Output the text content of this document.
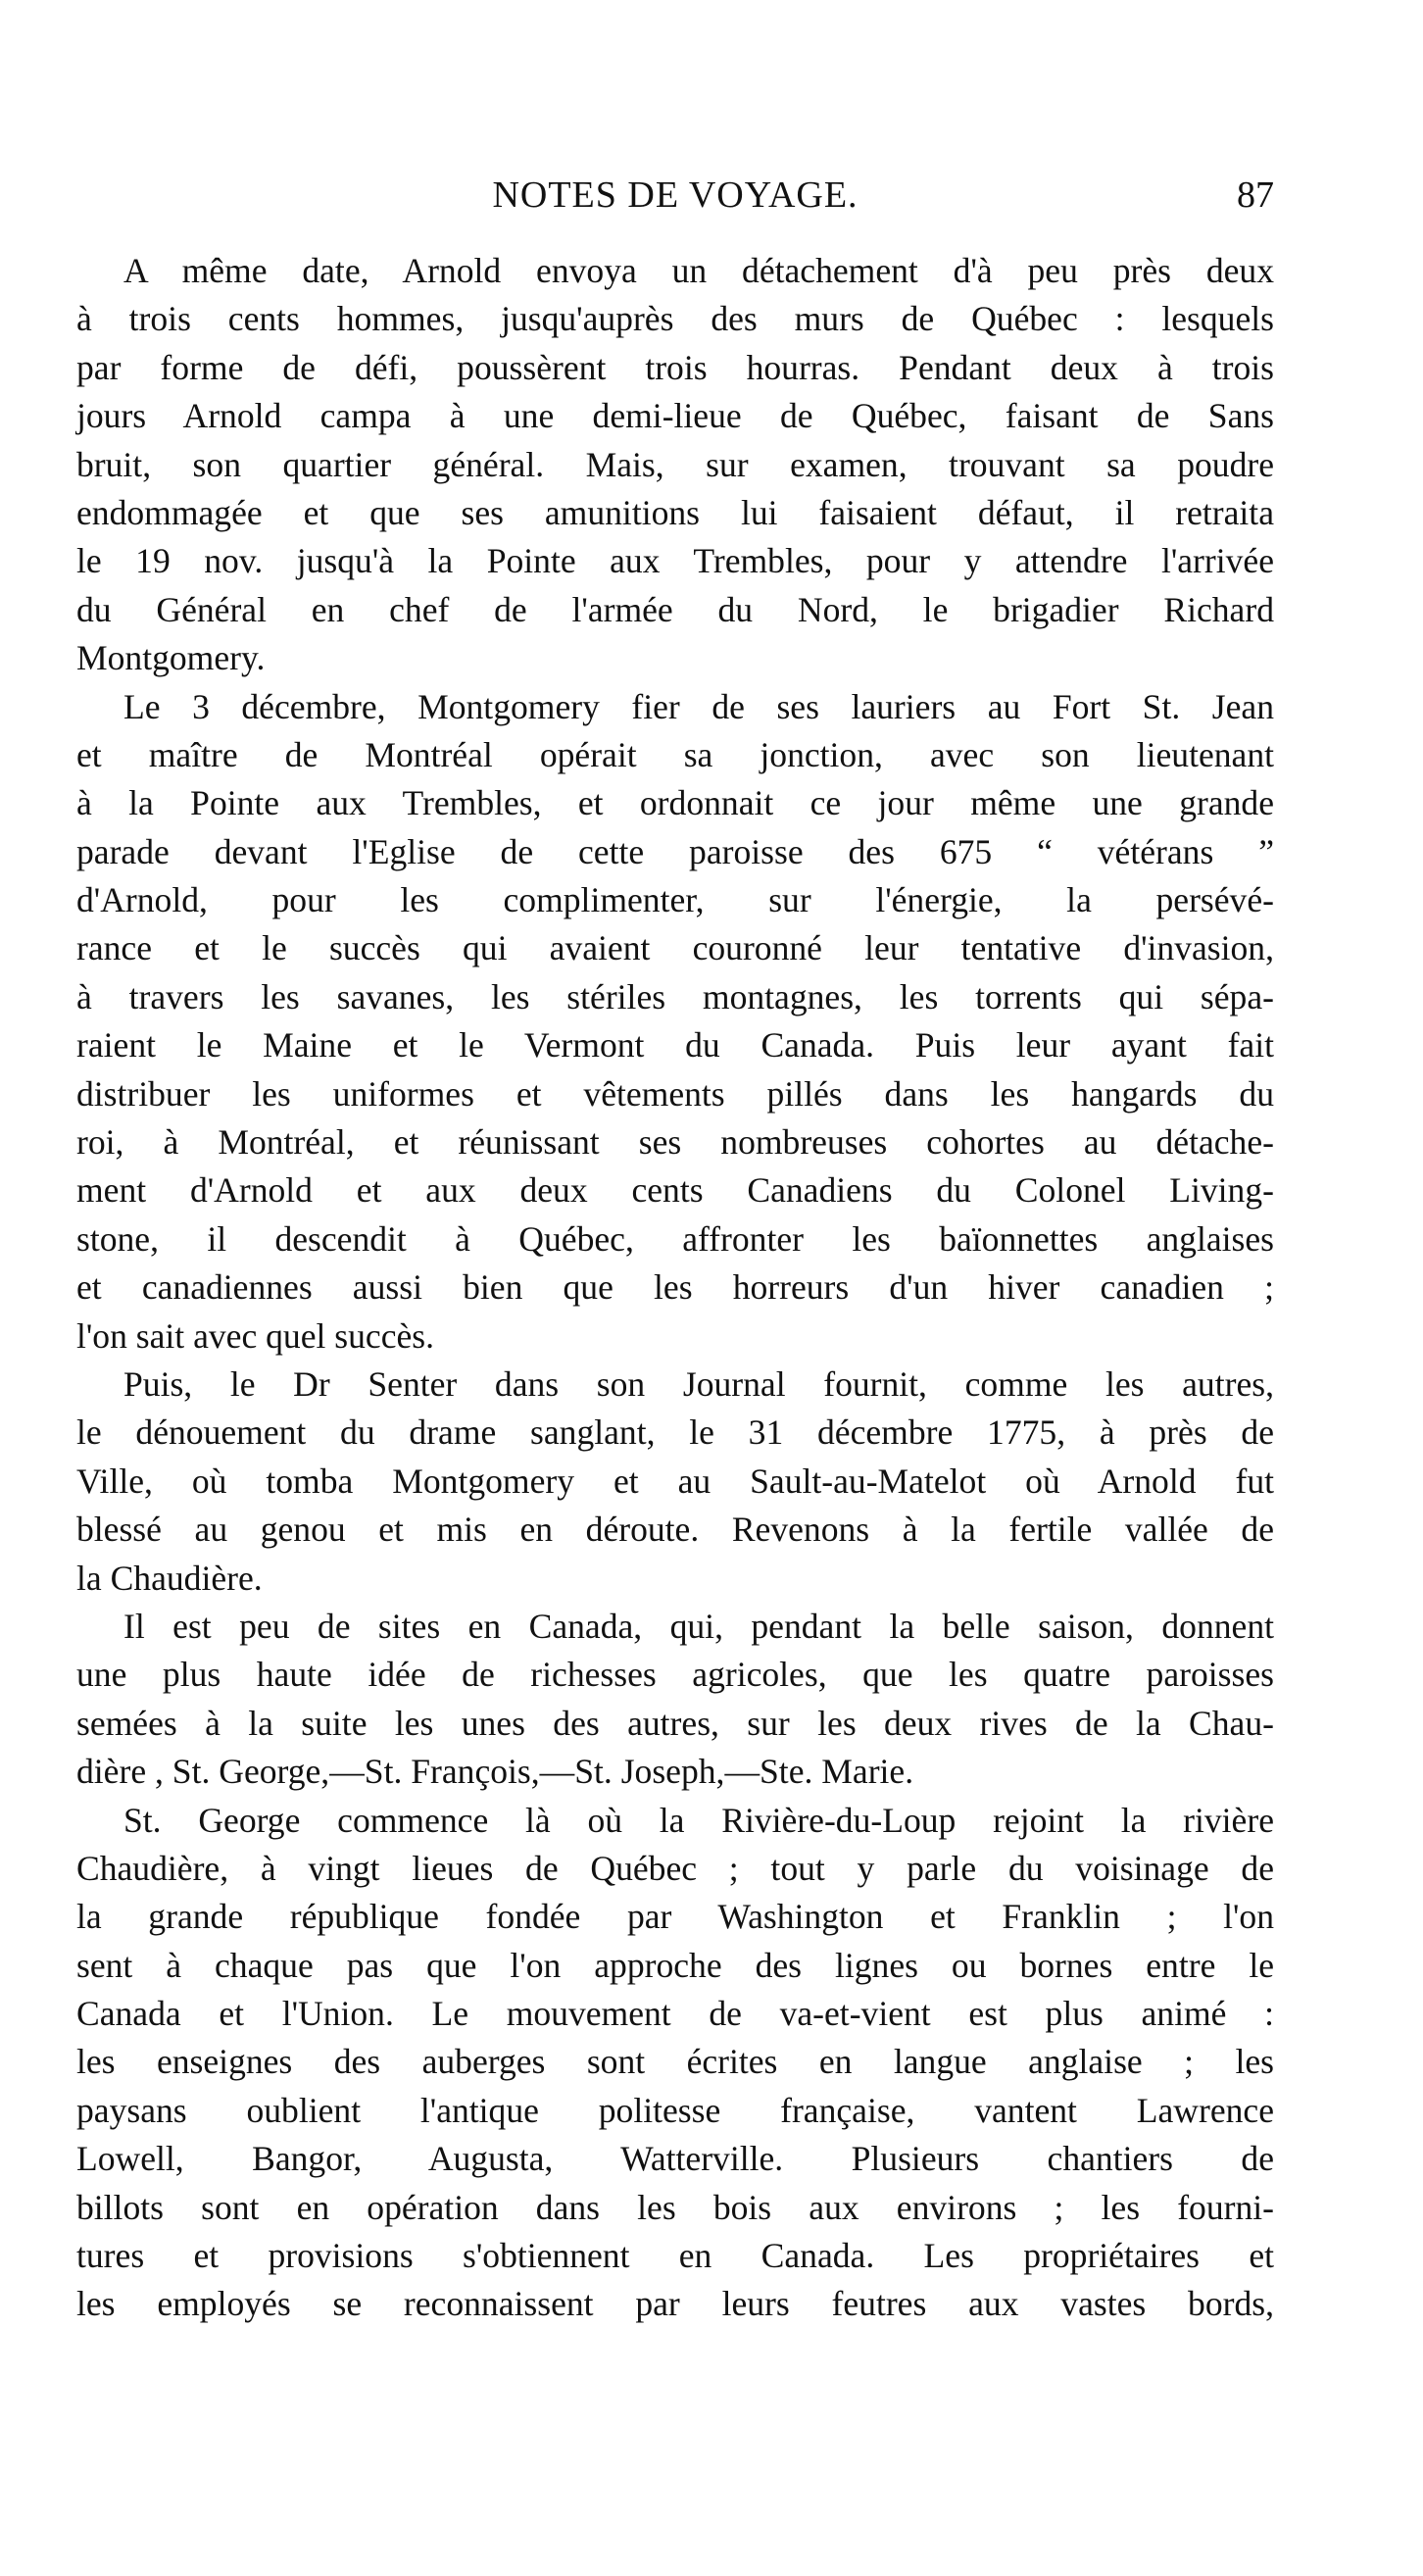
NOTES DE VOYAGE.	87

A même date, Arnold envoya un détachement d'à peu près deux
à trois cents hommes, jusqu'auprès des murs de Québec : lesquels
par forme de défi, poussèrent trois hourras. Pendant deux à trois
jours Arnold campa à une demi-lieue de Québec, faisant de Sans
bruit, son quartier général. Mais, sur examen, trouvant sa poudre
endommagée et que ses amunitions lui faisaient défaut, il retraita
le 19 nov. jusqu'à la Pointe aux Trembles, pour y attendre l'arrivée
du Général en chef de l'armée du Nord, le brigadier Richard
Montgomery.

Le 3 décembre, Montgomery fier de ses lauriers au Fort St. Jean
et maître de Montréal opérait sa jonction, avec son lieutenant
à la Pointe aux Trembles, et ordonnait ce jour même une grande
parade devant l'Eglise de cette paroisse des 675 “ vétérans ”
d'Arnold, pour les complimenter, sur l'énergie, la persévé-
rance et le succès qui avaient couronné leur tentative d'invasion,
à travers les savanes, les stériles montagnes, les torrents qui sépa-
raient le Maine et le Vermont du Canada. Puis leur ayant fait
distribuer les uniformes et vêtements pillés dans les hangards du
roi, à Montréal, et réunissant ses nombreuses cohortes au détache-
ment d'Arnold et aux deux cents Canadiens du Colonel Living-
stone, il descendit à Québec, affronter les baïonnettes anglaises
et canadiennes aussi bien que les horreurs d'un hiver canadien ;
l'on sait avec quel succès.

Puis, le Dr Senter dans son Journal fournit, comme les autres,
le dénouement du drame sanglant, le 31 décembre 1775, à près de
Ville, où tomba Montgomery et au Sault-au-Matelot où Arnold fut
blessé au genou et mis en déroute. Revenons à la fertile vallée de
la Chaudière.

Il est peu de sites en Canada, qui, pendant la belle saison, donnent
une plus haute idée de richesses agricoles, que les quatre paroisses
semées à la suite les unes des autres, sur les deux rives de la Chau-
dière , St. George,—St. François,—St. Joseph,—Ste. Marie.

St. George commence là où la Rivière-du-Loup rejoint la rivière
Chaudière, à vingt lieues de Québec ; tout y parle du voisinage de
la grande république fondée par Washington et Franklin ; l'on
sent à chaque pas que l'on approche des lignes ou bornes entre le
Canada et l'Union. Le mouvement de va-et-vient est plus animé :
les enseignes des auberges sont écrites en langue anglaise ; les
paysans oublient l'antique politesse française, vantent Lawrence
Lowell, Bangor, Augusta, Watterville. Plusieurs chantiers de
billots sont en opération dans les bois aux environs ; les fourni-
tures et provisions s'obtiennent en Canada. Les propriétaires et
les employés se reconnaissent par leurs feutres aux vastes bords,
